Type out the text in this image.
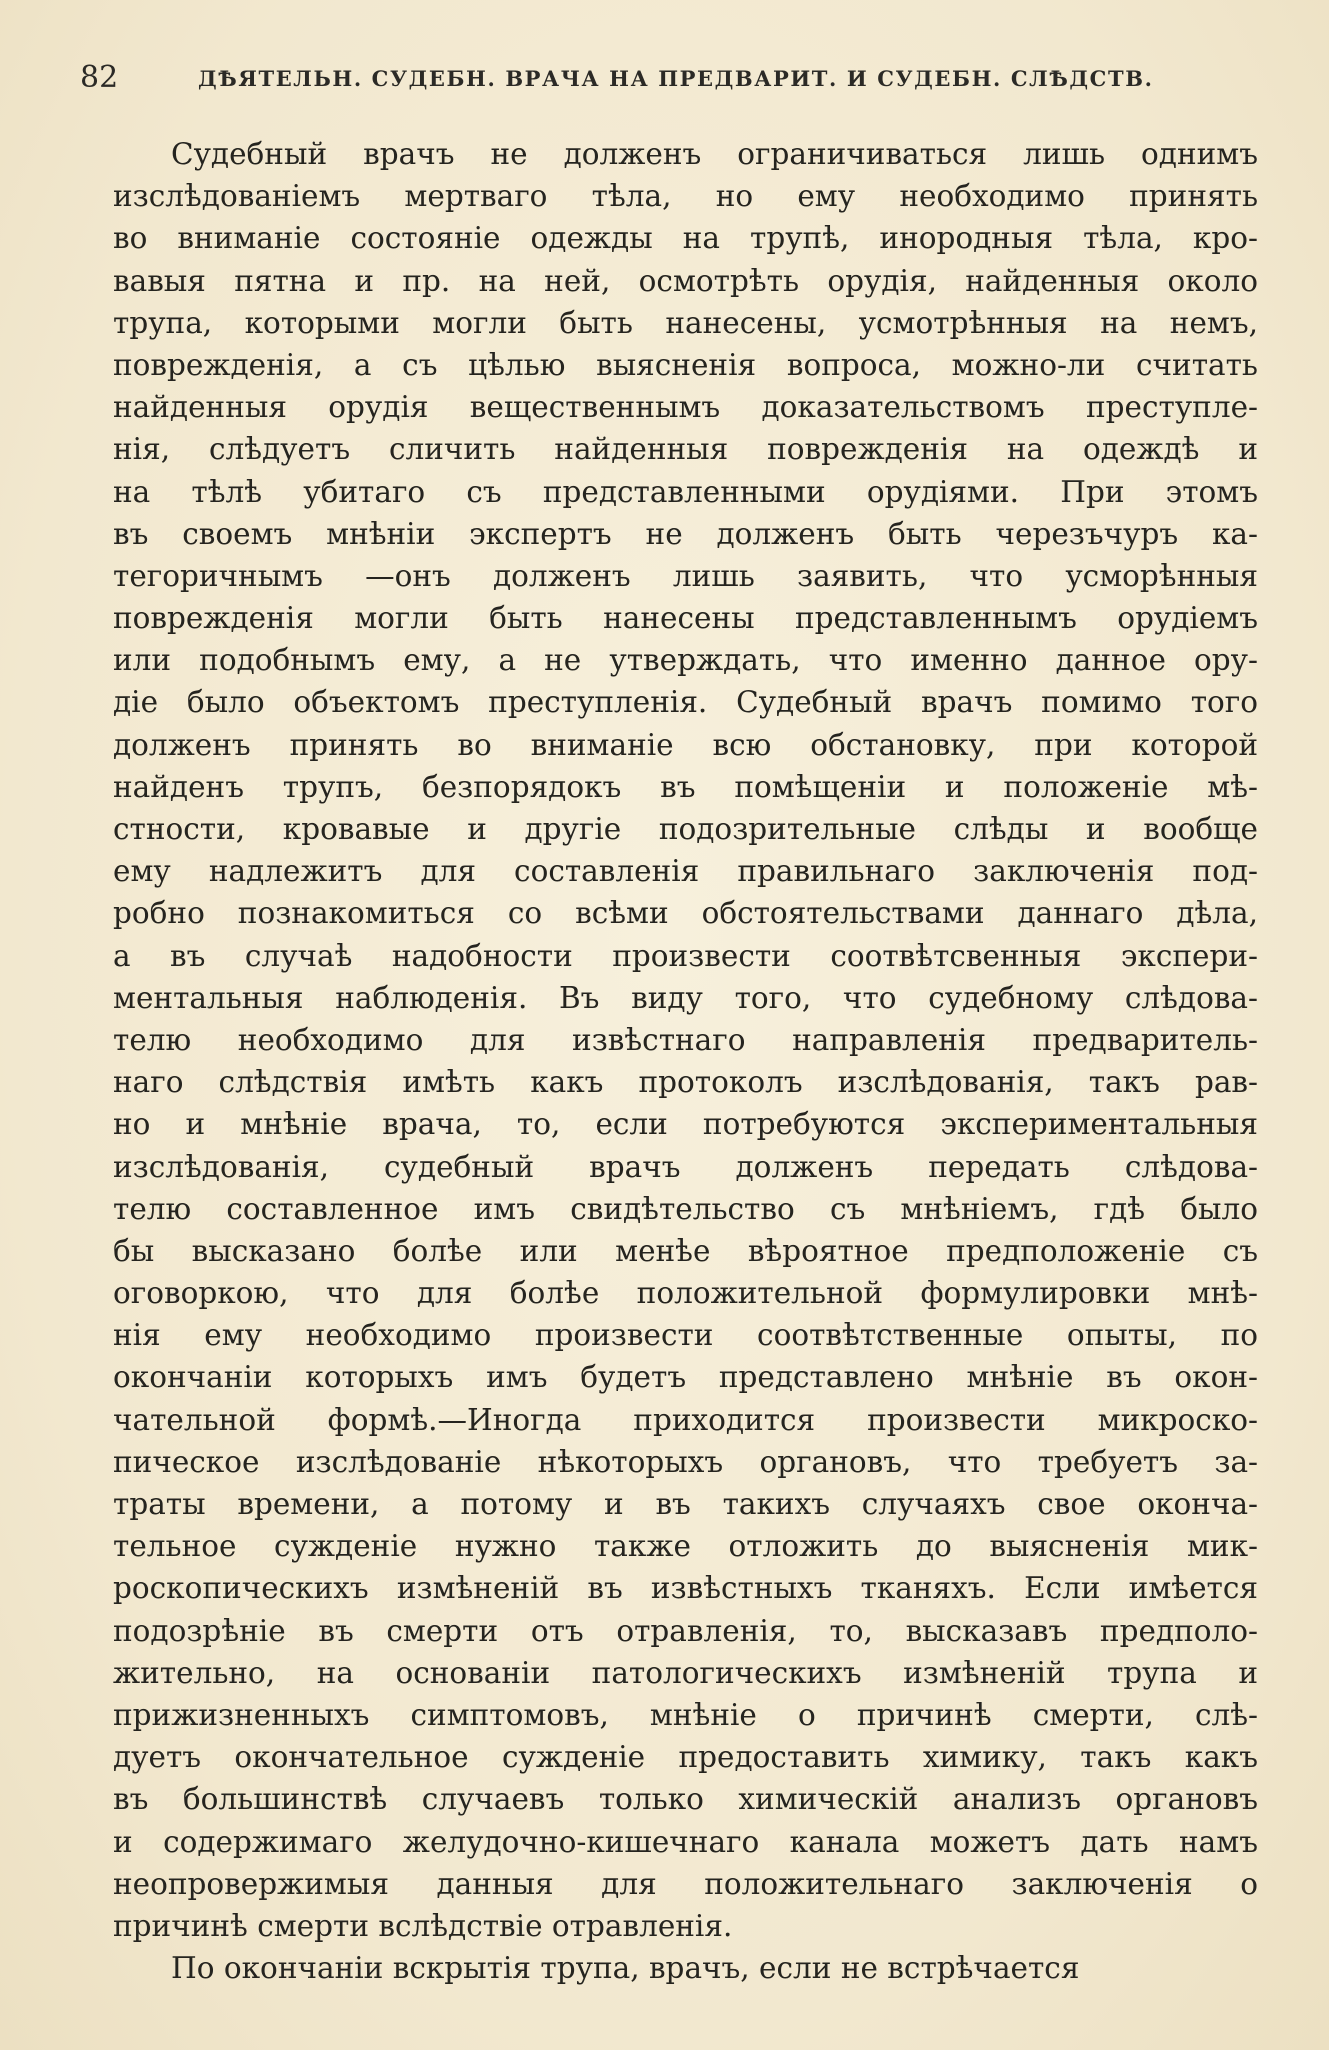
82	ДѢЯТЕЛЬН. СУДЕБН. ВРАЧА НА ПРЕДВАРИТ. И СУДЕБН. СЛѢДСТВ.
Судебный врачъ не долженъ ограничиваться лишь однимъ
изслѣдованіемъ мертваго тѣла, но ему необходимо принять
во вниманіе состояніе одежды на трупѣ, инородныя тѣла, кро-
вавыя пятна и пр. на ней, осмотрѣть орудія, найденныя около
трупа, которыми могли быть нанесены, усмотрѣнныя на немъ,
поврежденія, а съ цѣлью выясненія вопроса, можно-ли считать
найденныя орудія вещественнымъ доказательствомъ преступле-
нія, слѣдуетъ сличить найденныя поврежденія на одеждѣ и
на тѣлѣ убитаго съ представленными орудіями. При этомъ
въ своемъ мнѣніи экспертъ не долженъ быть черезъчуръ ка-
тегоричнымъ —онъ долженъ лишь заявить, что усморѣнныя
поврежденія могли быть нанесены представленнымъ орудіемъ
или подобнымъ ему, а не утверждать, что именно данное ору-
діе было объектомъ преступленія. Судебный врачъ помимо того
долженъ принять во вниманіе всю обстановку, при которой
найденъ трупъ, безпорядокъ въ помѣщеніи и положеніе мѣ-
стности, кровавые и другіе подозрительные слѣды и вообще
ему надлежитъ для составленія правильнаго заключенія под-
робно познакомиться со всѣми обстоятельствами даннаго дѣла,
а въ случаѣ надобности произвести соотвѣтсвенныя экспери-
ментальныя наблюденія. Въ виду того, что судебному слѣдова-
телю необходимо для извѣстнаго направленія предваритель-
наго слѣдствія имѣть какъ протоколъ изслѣдованія, такъ рав-
но и мнѣніе врача, то, если потребуются экспериментальныя
изслѣдованія, судебный врачъ долженъ передать слѣдова-
телю составленное имъ свидѣтельство съ мнѣніемъ, гдѣ было
бы высказано болѣе или менѣе вѣроятное предположеніе съ
оговоркою, что для болѣе положительной формулировки мнѣ-
нія ему необходимо произвести соотвѣтственные опыты, по
окончаніи которыхъ имъ будетъ представлено мнѣніе въ окон-
чательной формѣ.—Иногда приходится произвести микроско-
пическое изслѣдованіе нѣкоторыхъ органовъ, что требуетъ за-
траты времени, а потому и въ такихъ случаяхъ свое оконча-
тельное сужденіе нужно также отложить до выясненія мик-
роскопическихъ измѣненій въ извѣстныхъ тканяхъ. Если имѣется
подозрѣніе въ смерти отъ отравленія, то, высказавъ предполо-
жительно, на основаніи патологическихъ измѣненій трупа и
прижизненныхъ симптомовъ, мнѣніе о причинѣ смерти, слѣ-
дуетъ окончательное сужденіе предоставить химику, такъ какъ
въ большинствѣ случаевъ только химическій анализъ органовъ
и содержимаго желудочно-кишечнаго канала можетъ дать намъ
неопровержимыя данныя для положительнаго заключенія о
причинѣ смерти вслѣдствіе отравленія.
По окончаніи вскрытія трупа, врачъ, если не встрѣчается
